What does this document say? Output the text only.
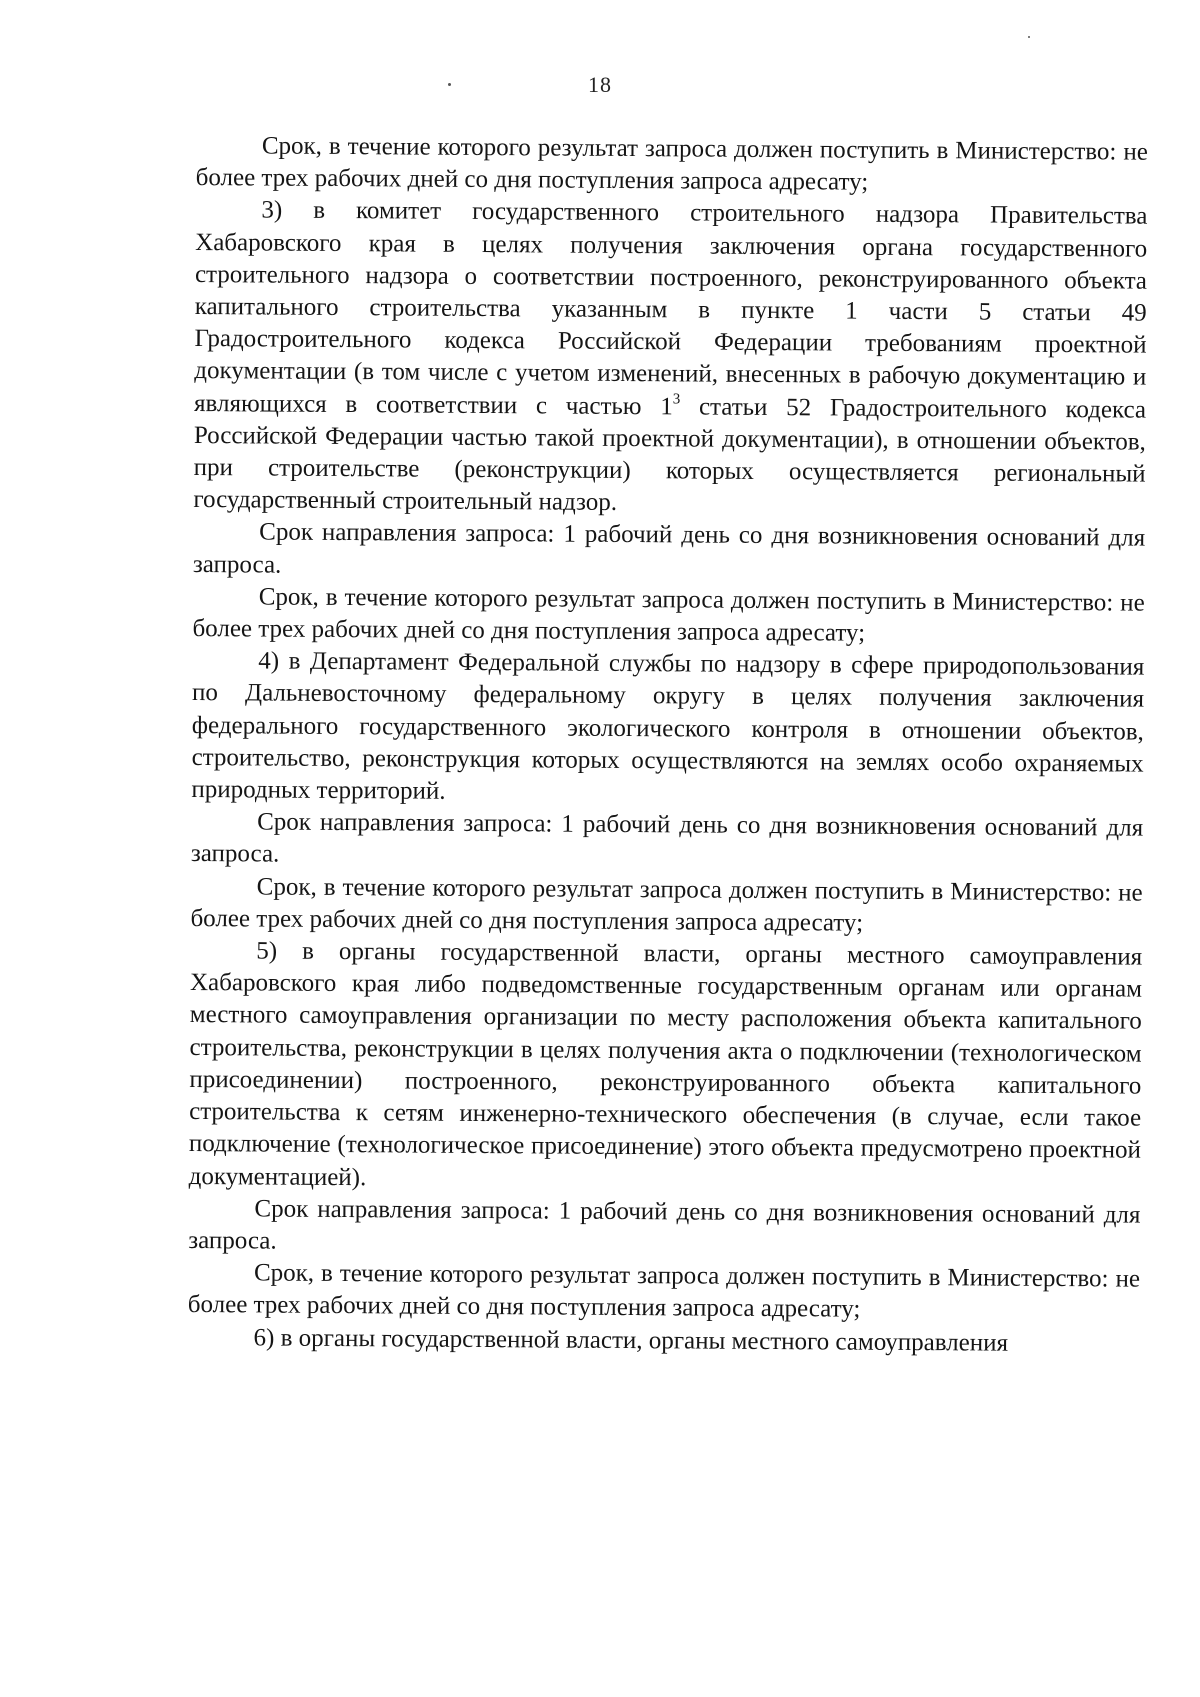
18

Срок, в течение которого результат запроса должен поступить в Министерство: не более трех рабочих дней со дня поступления запроса адресату;

3) в комитет государственного строительного надзора Правительства Хабаровского края в целях получения заключения органа государственного строительного надзора о соответствии построенного, реконструированного объекта капитального строительства указанным в пункте 1 части 5 статьи 49 Градостроительного кодекса Российской Федерации требованиям проектной документации (в том числе с учетом изменений, внесенных в рабочую документацию и являющихся в соответствии с частью $1^3$ статьи 52 Градостроительного кодекса Российской Федерации частью такой проектной документации), в отношении объектов, при строительстве (реконструкции) которых осуществляется региональный государственный строительный надзор.

Срок направления запроса: 1 рабочий день со дня возникновения оснований для запроса.

Срок, в течение которого результат запроса должен поступить в Министерство: не более трех рабочих дней со дня поступления запроса адресату;

4) в Департамент Федеральной службы по надзору в сфере природопользования по Дальневосточному федеральному округу в целях получения заключения федерального государственного экологического контроля в отношении объектов, строительство, реконструкция которых осуществляются на землях особо охраняемых природных территорий.

Срок направления запроса: 1 рабочий день со дня возникновения оснований для запроса.

Срок, в течение которого результат запроса должен поступить в Министерство: не более трех рабочих дней со дня поступления запроса адресату;

5) в органы государственной власти, органы местного самоуправления Хабаровского края либо подведомственные государственным органам или органам местного самоуправления организации по месту расположения объекта капитального строительства, реконструкции в целях получения акта о подключении (технологическом присоединении) построенного, реконструированного объекта капитального строительства к сетям инженерно-технического обеспечения (в случае, если такое подключение (технологическое присоединение) этого объекта предусмотрено проектной документацией).

Срок направления запроса: 1 рабочий день со дня возникновения оснований для запроса.

Срок, в течение которого результат запроса должен поступить в Министерство: не более трех рабочих дней со дня поступления запроса адресату;

6) в органы государственной власти, органы местного самоуправления
